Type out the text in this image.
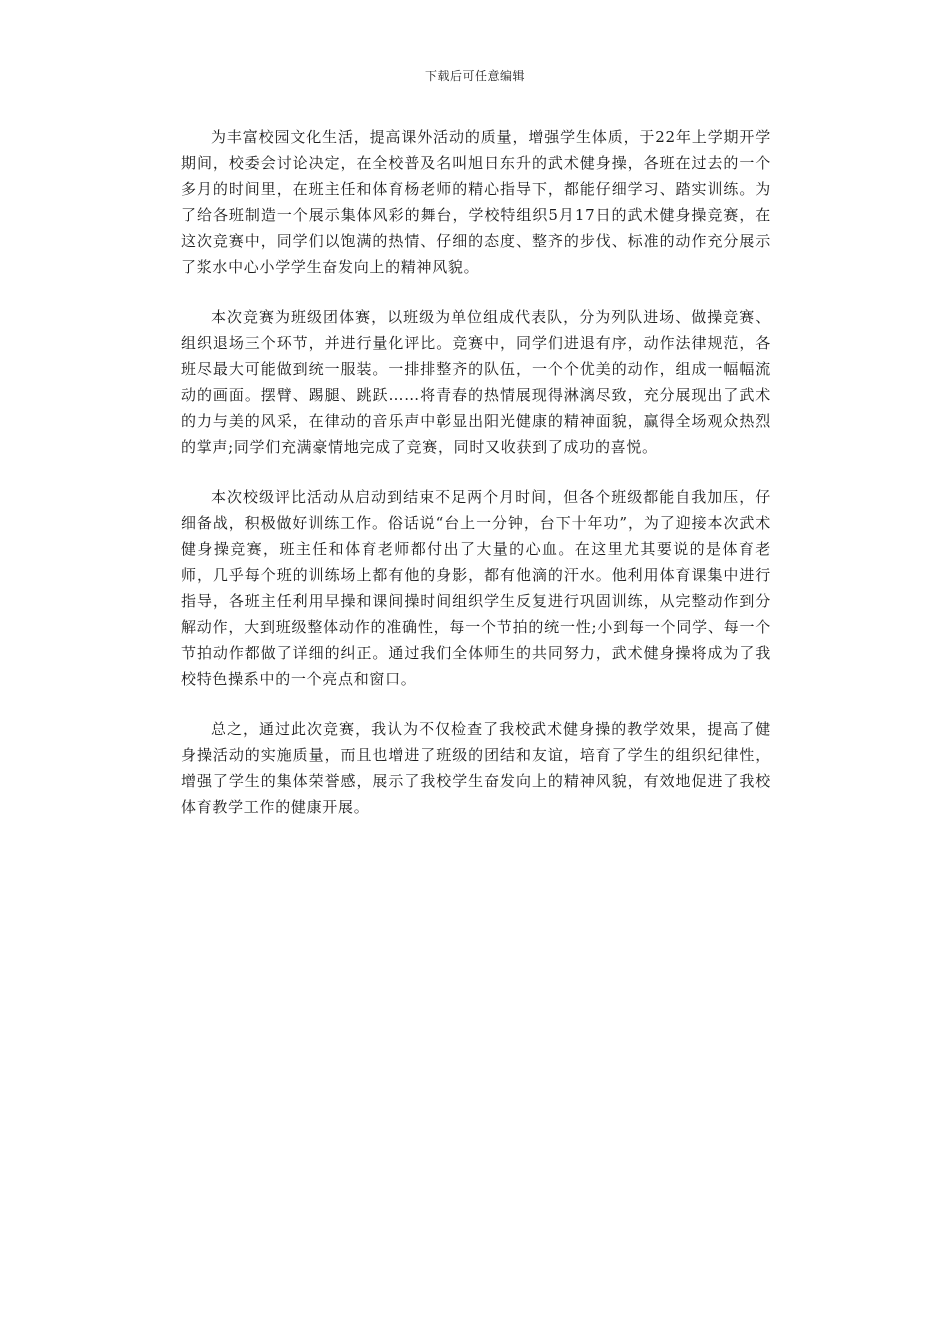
下载后可任意编辑

为丰富校园文化生活，提高课外活动的质量，增强学生体质，于22年上学期开学期间，校委会讨论决定，在全校普及名叫旭日东升的武术健身操，各班在过去的一个多月的时间里，在班主任和体育杨老师的精心指导下，都能仔细学习、踏实训练。为了给各班制造一个展示集体风彩的舞台，学校特组织5月17日的武术健身操竞赛，在这次竞赛中，同学们以饱满的热情、仔细的态度、整齐的步伐、标准的动作充分展示了浆水中心小学学生奋发向上的精神风貌。

本次竞赛为班级团体赛，以班级为单位组成代表队，分为列队进场、做操竞赛、组织退场三个环节，并进行量化评比。竞赛中，同学们进退有序，动作法律规范，各班尽最大可能做到统一服装。一排排整齐的队伍，一个个优美的动作，组成一幅幅流动的画面。摆臂、踢腿、跳跃……将青春的热情展现得淋漓尽致，充分展现出了武术的力与美的风采，在律动的音乐声中彰显出阳光健康的精神面貌，赢得全场观众热烈的掌声;同学们充满豪情地完成了竞赛，同时又收获到了成功的喜悦。

本次校级评比活动从启动到结束不足两个月时间，但各个班级都能自我加压，仔细备战，积极做好训练工作。俗话说“台上一分钟，台下十年功”，为了迎接本次武术健身操竞赛，班主任和体育老师都付出了大量的心血。在这里尤其要说的是体育老师，几乎每个班的训练场上都有他的身影，都有他滴的汗水。他利用体育课集中进行指导，各班主任利用早操和课间操时间组织学生反复进行巩固训练，从完整动作到分解动作，大到班级整体动作的准确性，每一个节拍的统一性;小到每一个同学、每一个节拍动作都做了详细的纠正。通过我们全体师生的共同努力，武术健身操将成为了我校特色操系中的一个亮点和窗口。

总之，通过此次竞赛，我认为不仅检查了我校武术健身操的教学效果，提高了健身操活动的实施质量，而且也增进了班级的团结和友谊，培育了学生的组织纪律性，增强了学生的集体荣誉感，展示了我校学生奋发向上的精神风貌，有效地促进了我校体育教学工作的健康开展。
